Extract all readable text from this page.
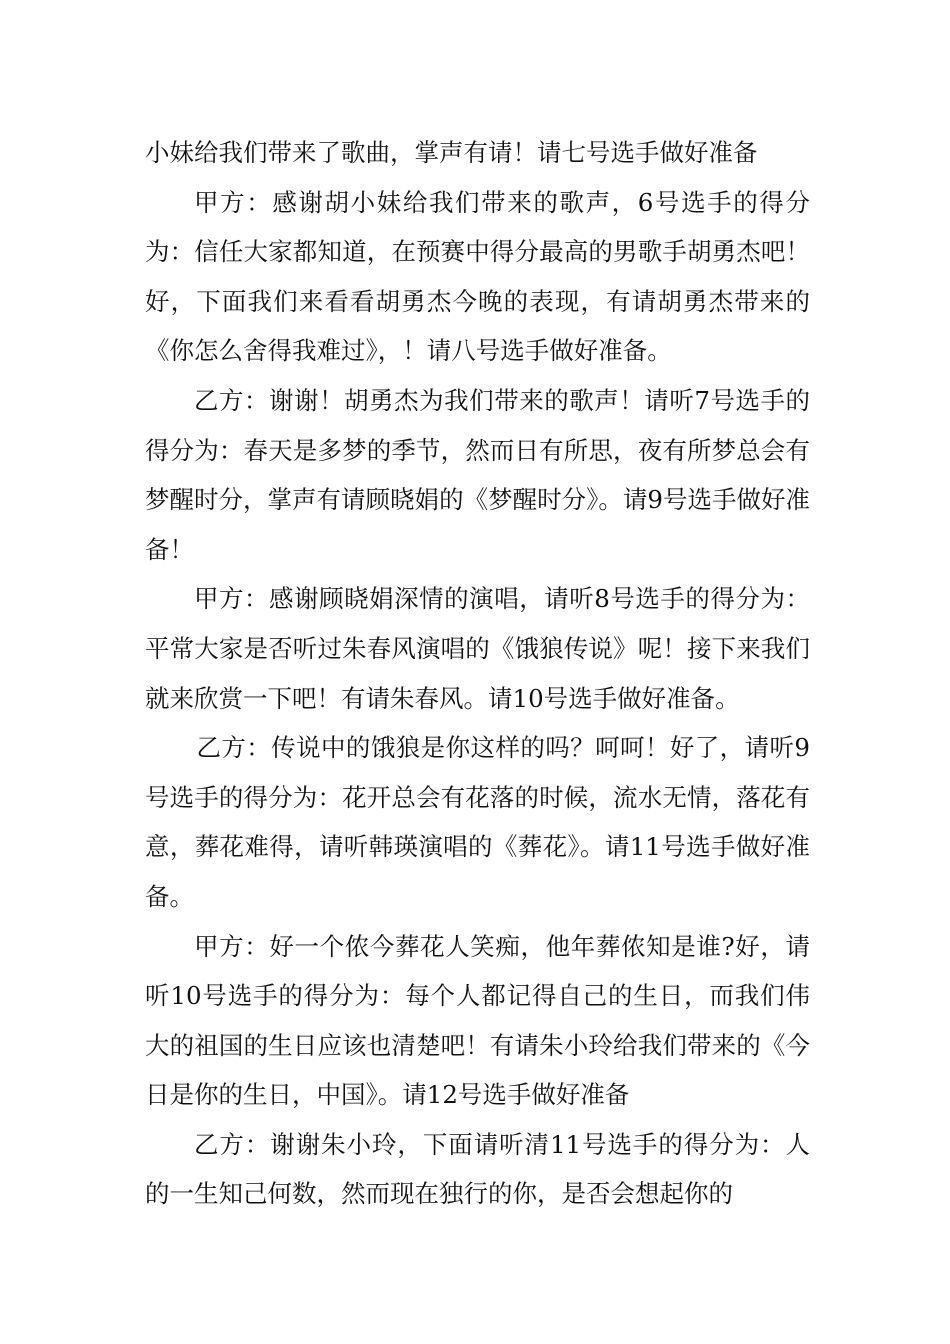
小妹给我们带来了歌曲，掌声有请！请七号选手做好准备

甲方：感谢胡小妹给我们带来的歌声，6号选手的得分为：信任大家都知道，在预赛中得分最高的男歌手胡勇杰吧！好，下面我们来看看胡勇杰今晚的表现，有请胡勇杰带来的《你怎么舍得我难过》，！请八号选手做好准备。

乙方：谢谢！胡勇杰为我们带来的歌声！请听7号选手的得分为：春天是多梦的季节，然而日有所思，夜有所梦总会有梦醒时分，掌声有请顾晓娟的《梦醒时分》。请9号选手做好准备！

甲方：感谢顾晓娟深情的演唱，请听8号选手的得分为：平常大家是否听过朱春风演唱的《饿狼传说》呢！接下来我们就来欣赏一下吧！有请朱春风。请10号选手做好准备。

乙方：传说中的饿狼是你这样的吗？呵呵！好了，请听9号选手的得分为：花开总会有花落的时候，流水无情，落花有意，葬花难得，请听韩瑛演唱的《葬花》。请11号选手做好准备。

甲方：好一个侬今葬花人笑痴，他年葬侬知是谁?好，请听10号选手的得分为：每个人都记得自己的生日，而我们伟大的祖国的生日应该也清楚吧！有请朱小玲给我们带来的《今日是你的生日，中国》。请12号选手做好准备

乙方：谢谢朱小玲，下面请听清11号选手的得分为：人的一生知己何数，然而现在独行的你，是否会想起你的
